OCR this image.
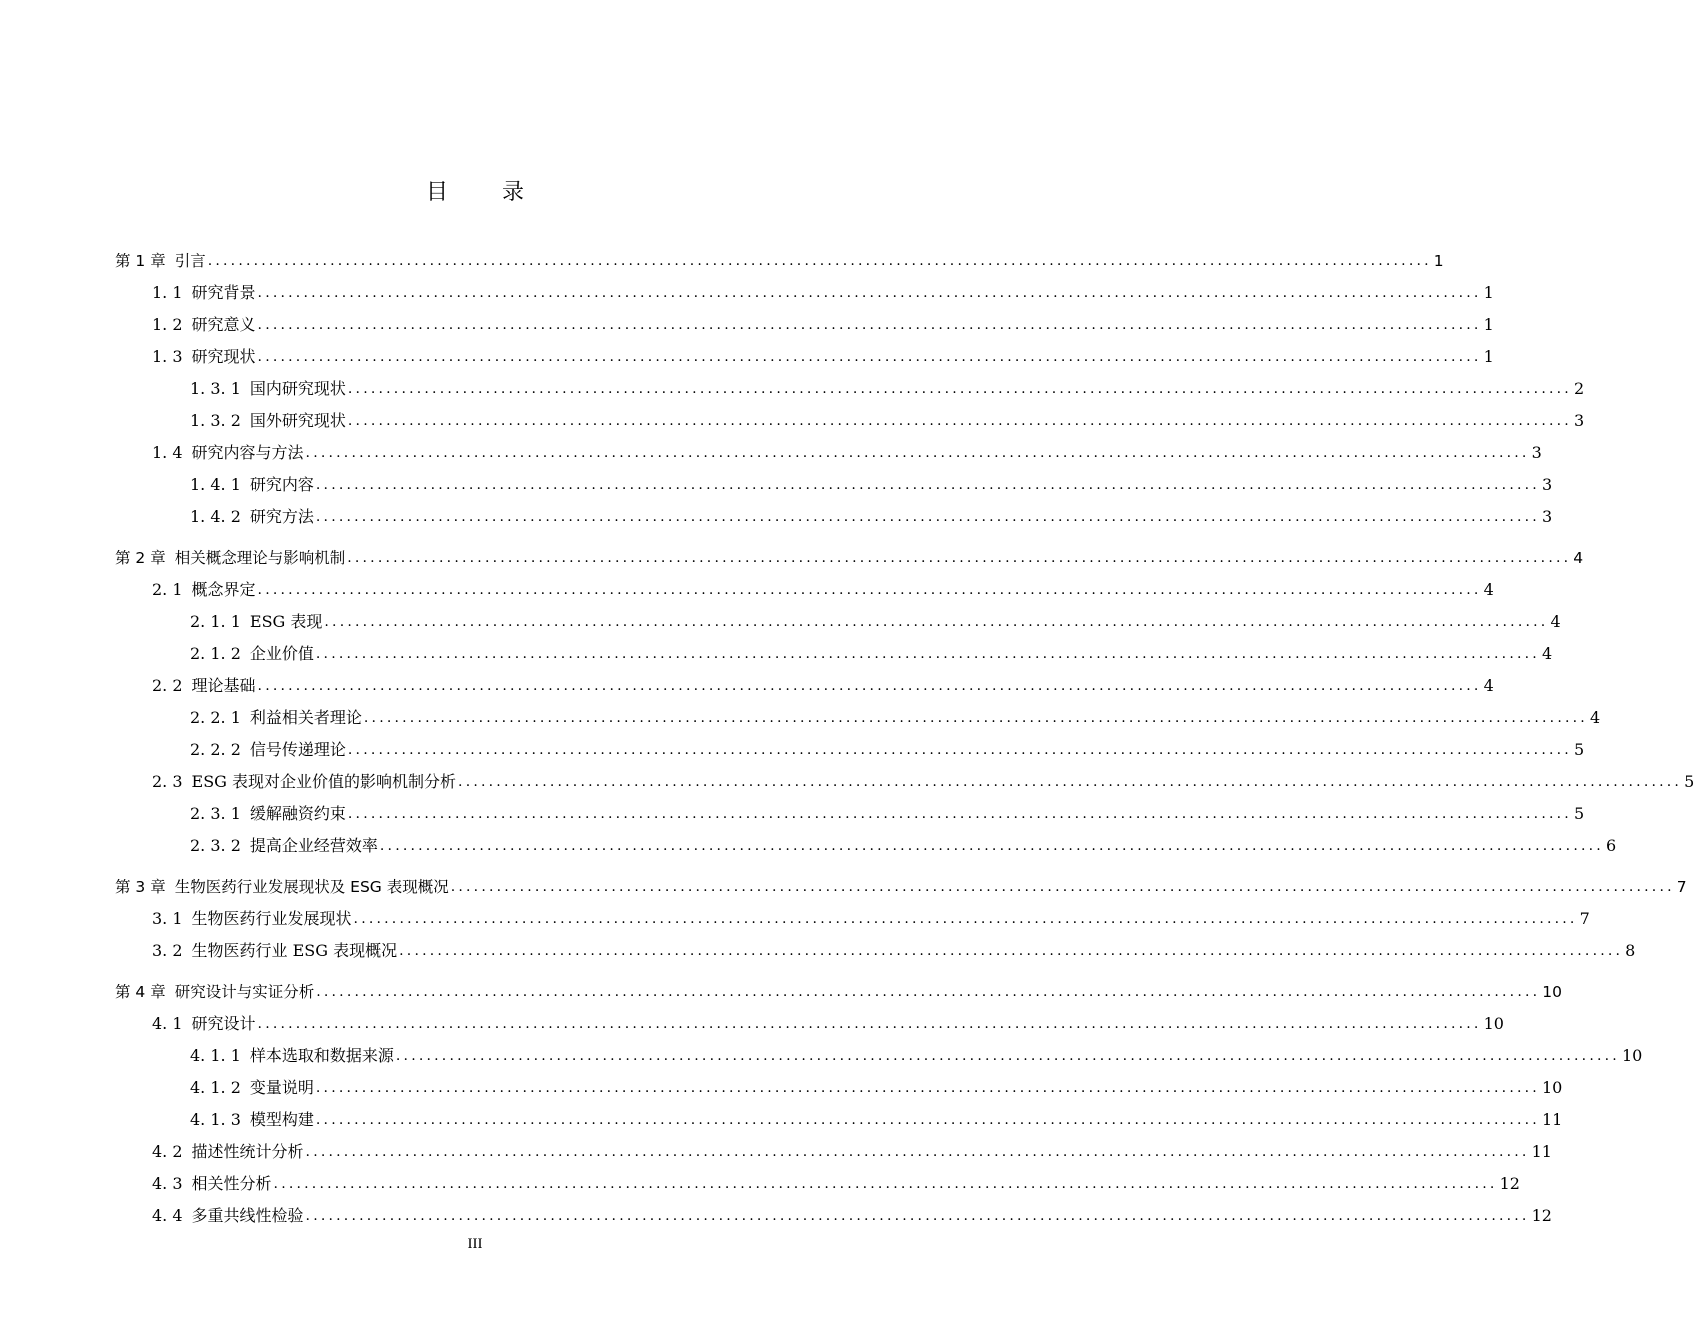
目 录
第 1 章 引言 ................................................................................................................................................................ 1
1. 1 研究背景 ................................................................................................................................................................ 1
1. 2 研究意义 ................................................................................................................................................................ 1
1. 3 研究现状 ................................................................................................................................................................ 1
1. 3. 1 国内研究现状 ................................................................................................................................................................ 2
1. 3. 2 国外研究现状 ................................................................................................................................................................ 3
1. 4 研究内容与方法 ................................................................................................................................................................ 3
1. 4. 1 研究内容 ................................................................................................................................................................ 3
1. 4. 2 研究方法 ................................................................................................................................................................ 3
第 2 章 相关概念理论与影响机制 ................................................................................................................................................................ 4
2. 1 概念界定 ................................................................................................................................................................ 4
2. 1. 1 ESG 表现 ................................................................................................................................................................ 4
2. 1. 2 企业价值 ................................................................................................................................................................ 4
2. 2 理论基础 ................................................................................................................................................................ 4
2. 2. 1 利益相关者理论 ................................................................................................................................................................ 4
2. 2. 2 信号传递理论 ................................................................................................................................................................ 5
2. 3 ESG 表现对企业价值的影响机制分析 ................................................................................................................................................................ 5
2. 3. 1 缓解融资约束 ................................................................................................................................................................ 5
2. 3. 2 提高企业经营效率 ................................................................................................................................................................ 6
第 3 章 生物医药行业发展现状及 ESG 表现概况 ................................................................................................................................................................ 7
3. 1 生物医药行业发展现状 ................................................................................................................................................................ 7
3. 2 生物医药行业 ESG 表现概况 ................................................................................................................................................................ 8
第 4 章 研究设计与实证分析 ................................................................................................................................................................ 10
4. 1 研究设计 ................................................................................................................................................................ 10
4. 1. 1 样本选取和数据来源 ................................................................................................................................................................ 10
4. 1. 2 变量说明 ................................................................................................................................................................ 10
4. 1. 3 模型构建 ................................................................................................................................................................ 11
4. 2 描述性统计分析 ................................................................................................................................................................ 11
4. 3 相关性分析 ................................................................................................................................................................ 12
4. 4 多重共线性检验 ................................................................................................................................................................ 12
III
